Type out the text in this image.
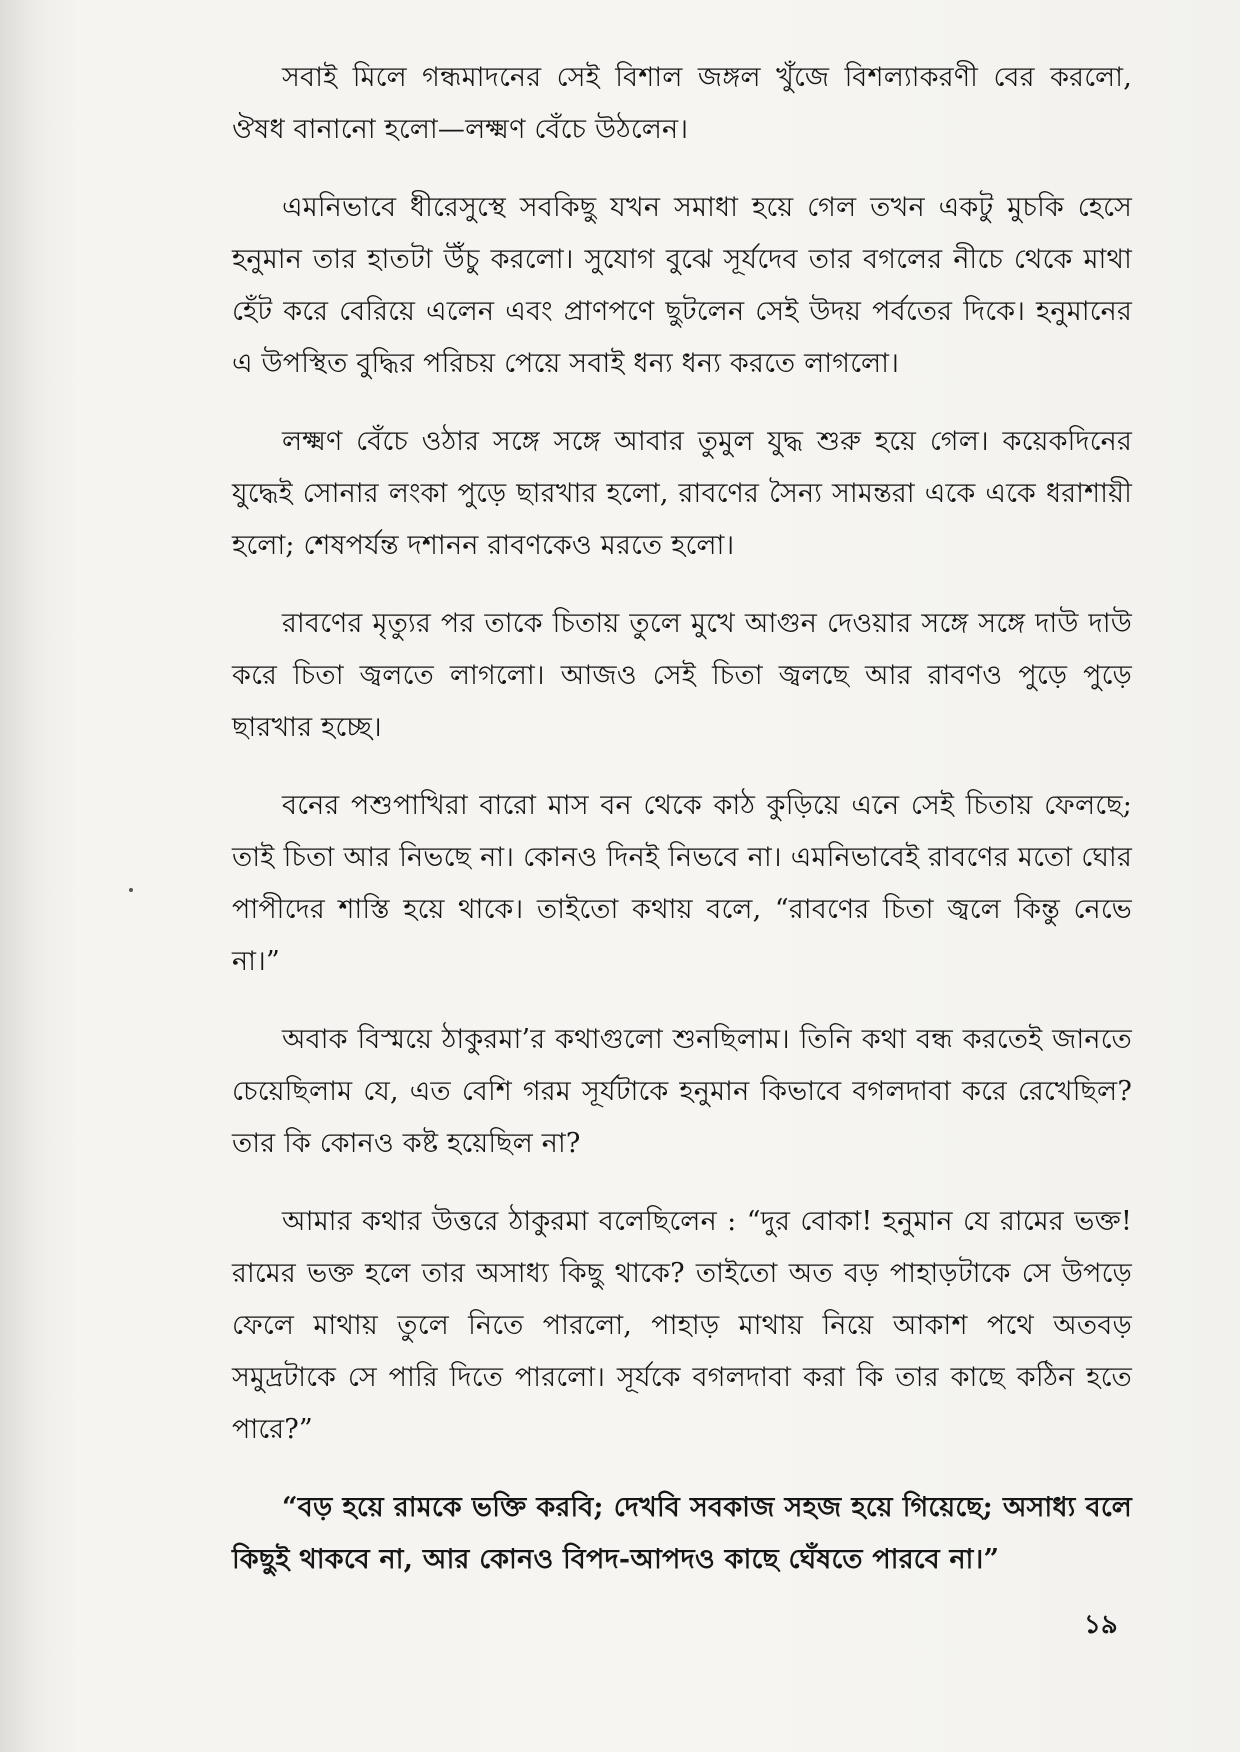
সবাই মিলে গন্ধমাদনের সেই বিশাল জঙ্গল খুঁজে বিশল্যাকরণী বের করলো, ঔষধ বানানো হলো—লক্ষ্মণ বেঁচে উঠলেন।

এমনিভাবে ধীরেসুস্থে সবকিছু যখন সমাধা হয়ে গেল তখন একটু মুচকি হেসে হনুমান তার হাতটা উঁচু করলো। সুযোগ বুঝে সূর্যদেব তার বগলের নীচে থেকে মাথা হেঁট করে বেরিয়ে এলেন এবং প্রাণপণে ছুটলেন সেই উদয় পর্বতের দিকে। হনুমানের এ উপস্থিত বুদ্ধির পরিচয় পেয়ে সবাই ধন্য ধন্য করতে লাগলো।

লক্ষ্মণ বেঁচে ওঠার সঙ্গে সঙ্গে আবার তুমুল যুদ্ধ শুরু হয়ে গেল। কয়েকদিনের যুদ্ধেই সোনার লংকা পুড়ে ছারখার হলো, রাবণের সৈন্য সামন্তরা একে একে ধরাশায়ী হলো; শেষপর্যন্ত দশানন রাবণকেও মরতে হলো।

রাবণের মৃত্যুর পর তাকে চিতায় তুলে মুখে আগুন দেওয়ার সঙ্গে সঙ্গে দাউ দাউ করে চিতা জ্বলতে লাগলো। আজও সেই চিতা জ্বলছে আর রাবণও পুড়ে পুড়ে ছারখার হচ্ছে।

বনের পশুপাখিরা বারো মাস বন থেকে কাঠ কুড়িয়ে এনে সেই চিতায় ফেলছে; তাই চিতা আর নিভছে না। কোনও দিনই নিভবে না। এমনিভাবেই রাবণের মতো ঘোর পাপীদের শাস্তি হয়ে থাকে। তাইতো কথায় বলে, “রাবণের চিতা জ্বলে কিন্তু নেভে না।”

অবাক বিস্ময়ে ঠাকুরমা’র কথাগুলো শুনছিলাম। তিনি কথা বন্ধ করতেই জানতে চেয়েছিলাম যে, এত বেশি গরম সূর্যটাকে হনুমান কিভাবে বগলদাবা করে রেখেছিল? তার কি কোনও কষ্ট হয়েছিল না?

আমার কথার উত্তরে ঠাকুরমা বলেছিলেন : “দুর বোকা! হনুমান যে রামের ভক্ত! রামের ভক্ত হলে তার অসাধ্য কিছু থাকে? তাইতো অত বড় পাহাড়টাকে সে উপড়ে ফেলে মাথায় তুলে নিতে পারলো, পাহাড় মাথায় নিয়ে আকাশ পথে অতবড় সমুদ্রটাকে সে পারি দিতে পারলো। সূর্যকে বগলদাবা করা কি তার কাছে কঠিন হতে পারে?”

“বড় হয়ে রামকে ভক্তি করবি; দেখবি সবকাজ সহজ হয়ে গিয়েছে; অসাধ্য বলে কিছুই থাকবে না, আর কোনও বিপদ-আপদও কাছে ঘেঁষতে পারবে না।”

১৯
